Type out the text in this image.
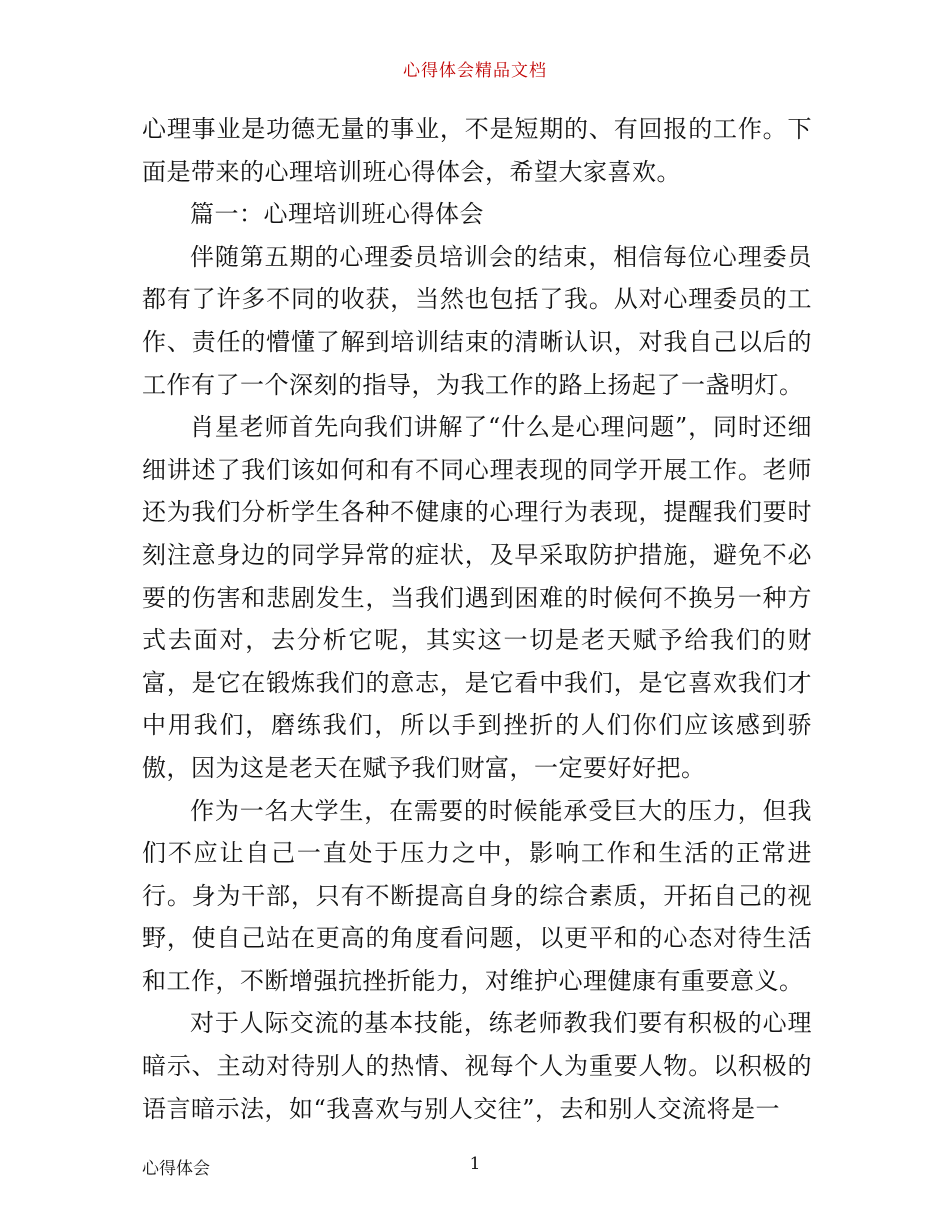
心得体会精品文档

心理事业是功德无量的事业，不是短期的、有回报的工作。下面是带来的心理培训班心得体会，希望大家喜欢。

篇一：心理培训班心得体会

伴随第五期的心理委员培训会的结束，相信每位心理委员都有了许多不同的收获，当然也包括了我。从对心理委员的工作、责任的懵懂了解到培训结束的清晰认识，对我自己以后的工作有了一个深刻的指导，为我工作的路上扬起了一盏明灯。

肖星老师首先向我们讲解了“什么是心理问题”，同时还细细讲述了我们该如何和有不同心理表现的同学开展工作。老师还为我们分析学生各种不健康的心理行为表现，提醒我们要时刻注意身边的同学异常的症状，及早采取防护措施，避免不必要的伤害和悲剧发生，当我们遇到困难的时候何不换另一种方式去面对，去分析它呢，其实这一切是老天赋予给我们的财富，是它在锻炼我们的意志，是它看中我们，是它喜欢我们才中用我们，磨练我们，所以手到挫折的人们你们应该感到骄傲，因为这是老天在赋予我们财富，一定要好好把。

作为一名大学生，在需要的时候能承受巨大的压力，但我们不应让自己一直处于压力之中，影响工作和生活的正常进行。身为干部，只有不断提高自身的综合素质，开拓自己的视野，使自己站在更高的角度看问题，以更平和的心态对待生活和工作，不断增强抗挫折能力，对维护心理健康有重要意义。

对于人际交流的基本技能，练老师教我们要有积极的心理暗示、主动对待别人的热情、视每个人为重要人物。以积极的语言暗示法，如“我喜欢与别人交往”，去和别人交流将是一

心得体会	1
